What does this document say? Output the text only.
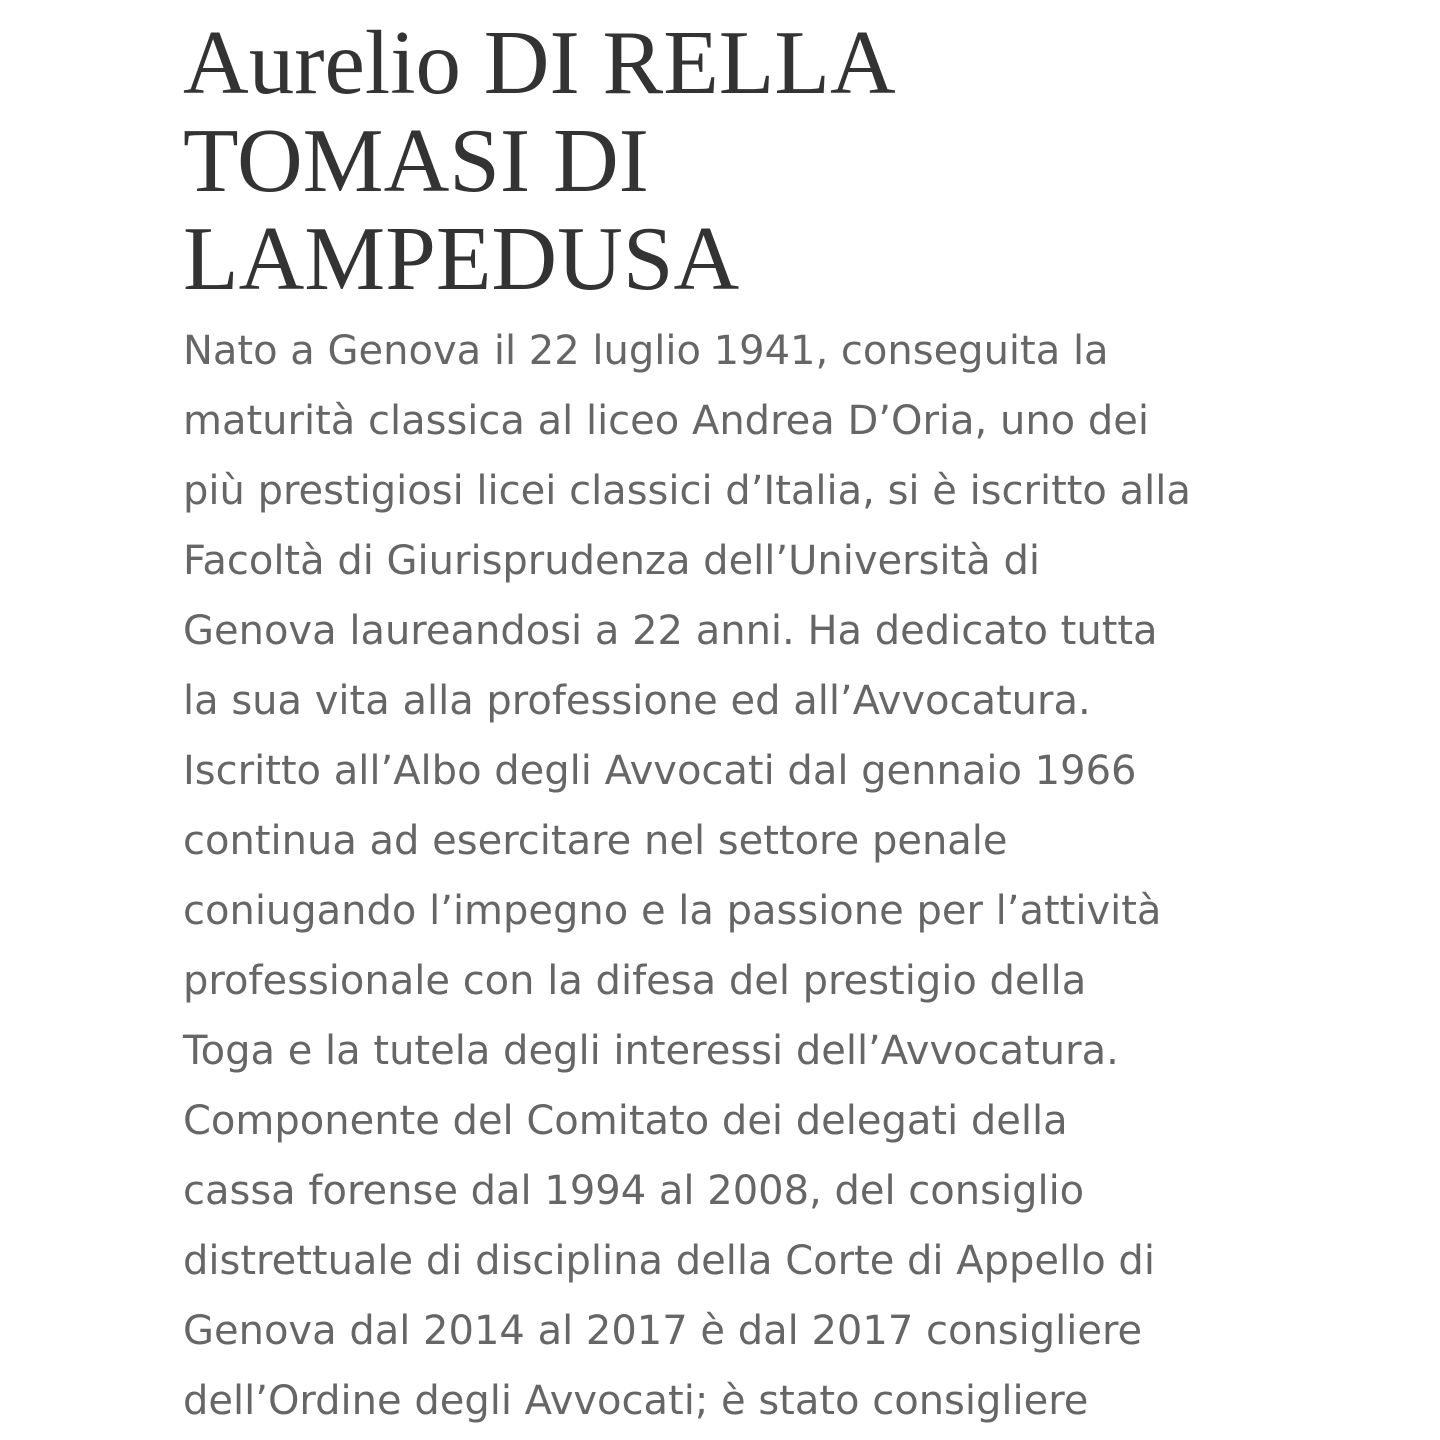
Aurelio DI RELLA
TOMASI DI
LAMPEDUSA

Nato a Genova il 22 luglio 1941, conseguita la
maturità classica al liceo Andrea D’Oria, uno dei
più prestigiosi licei classici d’Italia, si è iscritto alla
Facoltà di Giurisprudenza dell’Università di
Genova laureandosi a 22 anni. Ha dedicato tutta
la sua vita alla professione ed all’Avvocatura.
Iscritto all’Albo degli Avvocati dal gennaio 1966
continua ad esercitare nel settore penale
coniugando l’impegno e la passione per l’attività
professionale con la difesa del prestigio della
Toga e la tutela degli interessi dell’Avvocatura.
Componente del Comitato dei delegati della
cassa forense dal 1994 al 2008, del consiglio
distrettuale di disciplina della Corte di Appello di
Genova dal 2014 al 2017 è dal 2017 consigliere
dell’Ordine degli Avvocati; è stato consigliere
